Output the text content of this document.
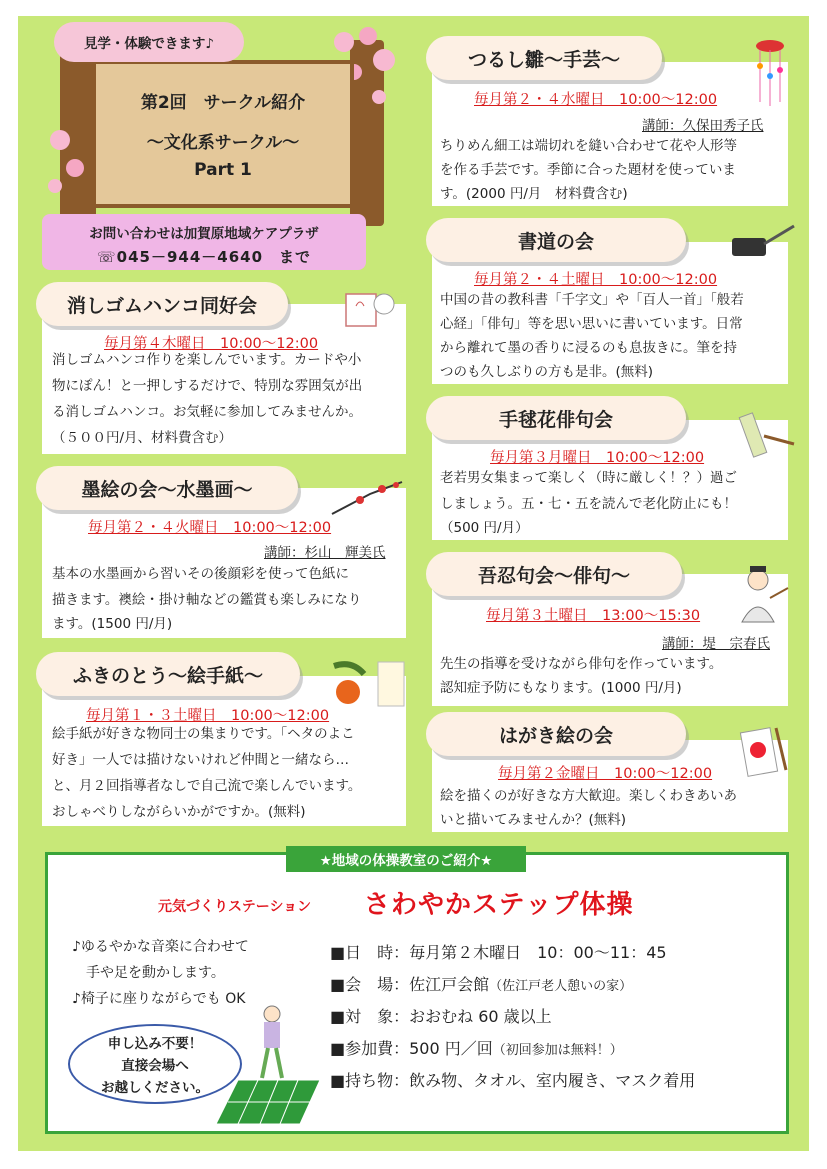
第2回　サークル紹介
～文化系サークル～
Part 1
見学・体験できます♪
お問い合わせは加賀原地域ケアプラザ
☏045－944－4640　まで
消しゴムハンコ同好会
毎月第４木曜日　10:00～12:00
消しゴムハンコ作りを楽しんでいます。カードや小
物にぽん！と一押しするだけで、特別な雰囲気が出
る消しゴムハンコ。お気軽に参加してみませんか。
（５００円/月、材料費含む）
墨絵の会～水墨画～
毎月第２・４火曜日　10:00～12:00
講師：杉山　輝美氏
基本の水墨画から習いその後顔彩を使って色紙に
描きます。襖絵・掛け軸などの鑑賞も楽しみになり
ます。(1500 円/月)
ふきのとう～絵手紙～
毎月第１・３土曜日　10:00～12:00
絵手紙が好きな物同士の集まりです。「ヘタのよこ
好き」一人では描けないけれど仲間と一緒なら…
と、月２回指導者なしで自己流で楽しんでいます。
おしゃべりしながらいかがですか。(無料)
つるし雛～手芸～
毎月第２・４水曜日　10:00～12:00
講師：久保田秀子氏
ちりめん細工は端切れを縫い合わせて花や人形等
を作る手芸です。季節に合った題材を使っていま
す。(2000 円/月　材料費含む)
書道の会
毎月第２・４土曜日　10:00～12:00
中国の昔の教科書「千字文」や「百人一首」「般若
心経」「俳句」等を思い思いに書いています。日常
から離れて墨の香りに浸るのも息抜きに。筆を持
つのも久しぶりの方も是非。(無料)
手毬花俳句会
毎月第３月曜日　10:00～12:00
老若男女集まって楽しく（時に厳しく！？）過ご
しましょう。五・七・五を読んで老化防止にも！
（500 円/月）
吾忍句会～俳句～
毎月第３土曜日　13:00～15:30
講師：堤　宗春氏
先生の指導を受けながら俳句を作っています。
認知症予防にもなります。(1000 円/月)
はがき絵の会
毎月第２金曜日　10:00～12:00
絵を描くのが好きな方大歓迎。楽しくわきあいあ
いと描いてみませんか？(無料)
★地域の体操教室のご紹介★
元気づくりステーション さわやかステップ体操
♪ゆるやかな音楽に合わせて
　手や足を動かします。
♪椅子に座りながらでも OK
申し込み不要！
直接会場へ
お越しください。
■日　時：毎月第２木曜日　10：00～11：45
■会　場：佐江戸会館（佐江戸老人憩いの家）
■対　象：おおむね 60 歳以上
■参加費：500 円／回（初回参加は無料！）
■持ち物：飲み物、タオル、室内履き、マスク着用
